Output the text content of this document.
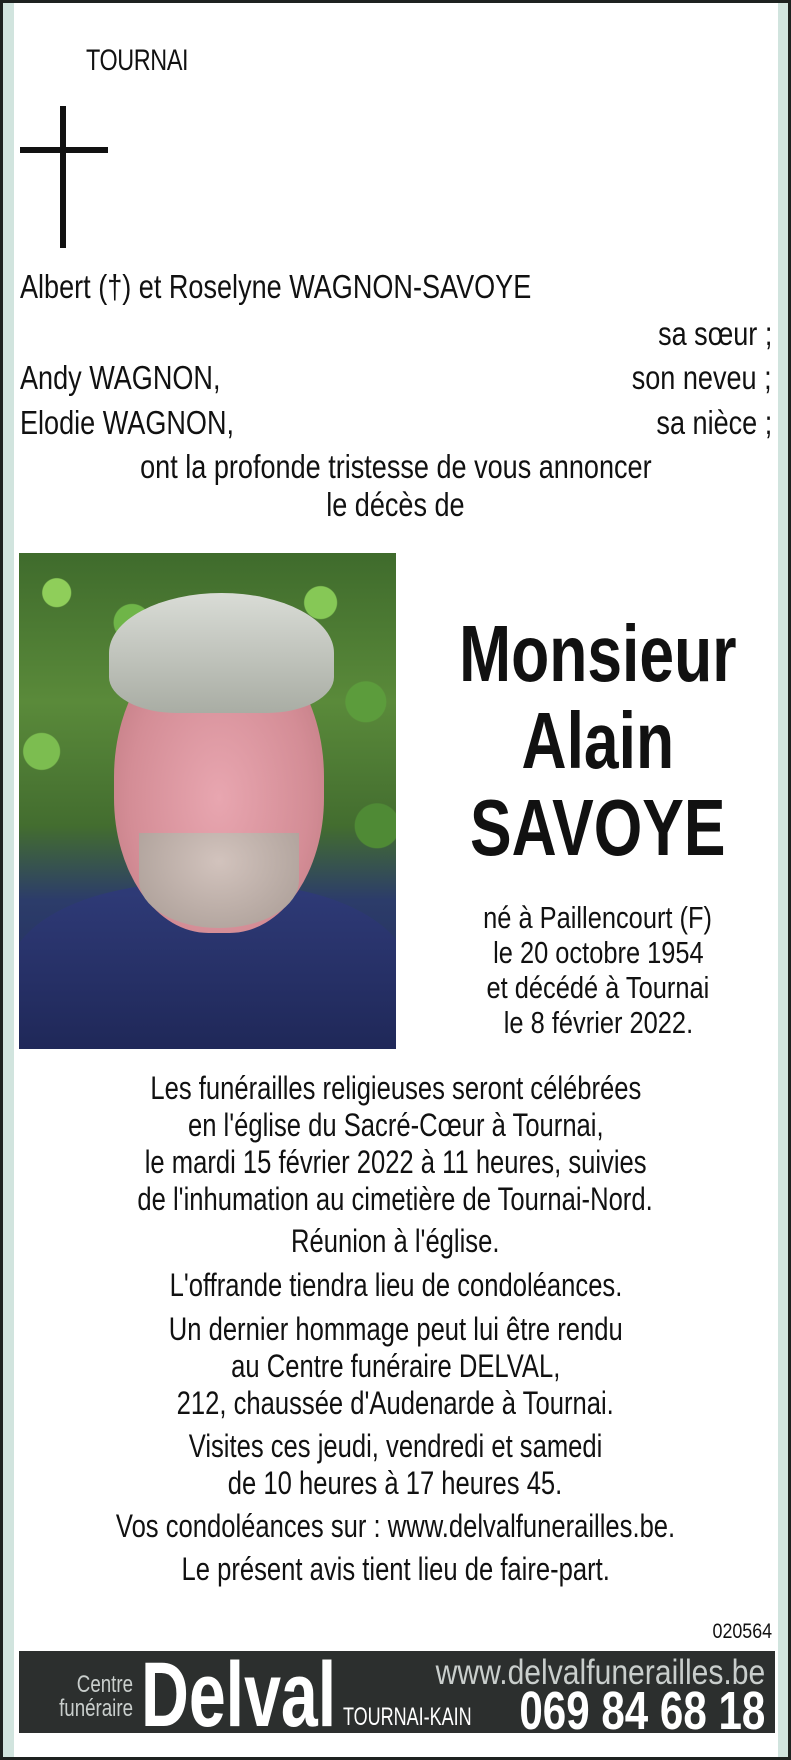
TOURNAI
Albert (†) et Roselyne WAGNON-SAVOYE
sa sœur ;
Andy WAGNON,	son neveu ;
Elodie WAGNON,	sa nièce ;
ont la profonde tristesse de vous annoncer
le décès de
Monsieur
Alain
SAVOYE
né à Paillencourt (F)
le 20 octobre 1954
et décédé à Tournai
le 8 février 2022.
Les funérailles religieuses seront célébrées
en l'église du Sacré-Cœur à Tournai,
le mardi 15 février 2022 à 11 heures, suivies
de l'inhumation au cimetière de Tournai-Nord.
Réunion à l'église.
L'offrande tiendra lieu de condoléances.
Un dernier hommage peut lui être rendu
au Centre funéraire DELVAL,
212, chaussée d'Audenarde à Tournai.
Visites ces jeudi, vendredi et samedi
de 10 heures à 17 heures 45.
Vos condoléances sur : www.delvalfunerailles.be.
Le présent avis tient lieu de faire-part.
020564
Centre
funéraire Delval	www.delvalfunerailles.be
TOURNAI-KAIN 069 84 68 18
